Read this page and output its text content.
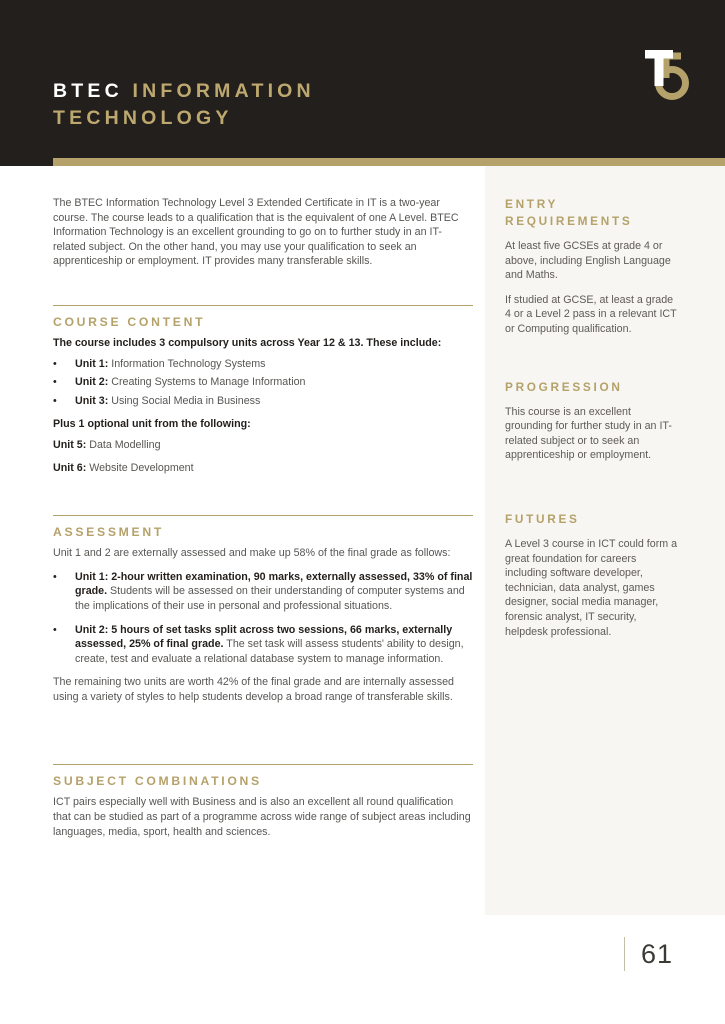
BTEC INFORMATION TECHNOLOGY

The BTEC Information Technology Level 3 Extended Certificate in IT is a two-year course. The course leads to a qualification that is the equivalent of one A Level. BTEC Information Technology is an excellent grounding to go on to further study in an IT-related subject. On the other hand, you may use your qualification to seek an apprenticeship or employment. IT provides many transferable skills.

COURSE CONTENT
The course includes 3 compulsory units across Year 12 & 13. These include:
•	Unit 1: Information Technology Systems
•	Unit 2: Creating Systems to Manage Information
•	Unit 3: Using Social Media in Business
Plus 1 optional unit from the following:
Unit 5: Data Modelling
Unit 6: Website Development
ASSESSMENT

Unit 1 and 2 are externally assessed and make up 58% of the final grade as follows:

•	Unit 1: 2-hour written examination, 90 marks, externally assessed, 33% of final grade. Students will be assessed on their understanding of computer systems and the implications of their use in personal and professional situations.
•	Unit 2: 5 hours of set tasks split across two sessions, 66 marks, externally assessed, 25% of final grade. The set task will assess students' ability to design, create, test and evaluate a relational database system to manage information.

The remaining two units are worth 42% of the final grade and are internally assessed using a variety of styles to help students develop a broad range of transferable skills.

SUBJECT COMBINATIONS

ICT pairs especially well with Business and is also an excellent all round qualification that can be studied as part of a programme across wide range of subject areas including languages, media, sport, health and sciences.

ENTRY REQUIREMENTS

At least five GCSEs at grade 4 or above, including English Language and Maths.

If studied at GCSE, at least a grade 4 or a Level 2 pass in a relevant ICT or Computing qualification.

PROGRESSION

This course is an excellent grounding for further study in an IT-related subject or to seek an apprenticeship or employment.

FUTURES

A Level 3 course in ICT could form a great foundation for careers including software developer, technician, data analyst, games designer, social media manager, forensic analyst, IT security, helpdesk professional.

61
